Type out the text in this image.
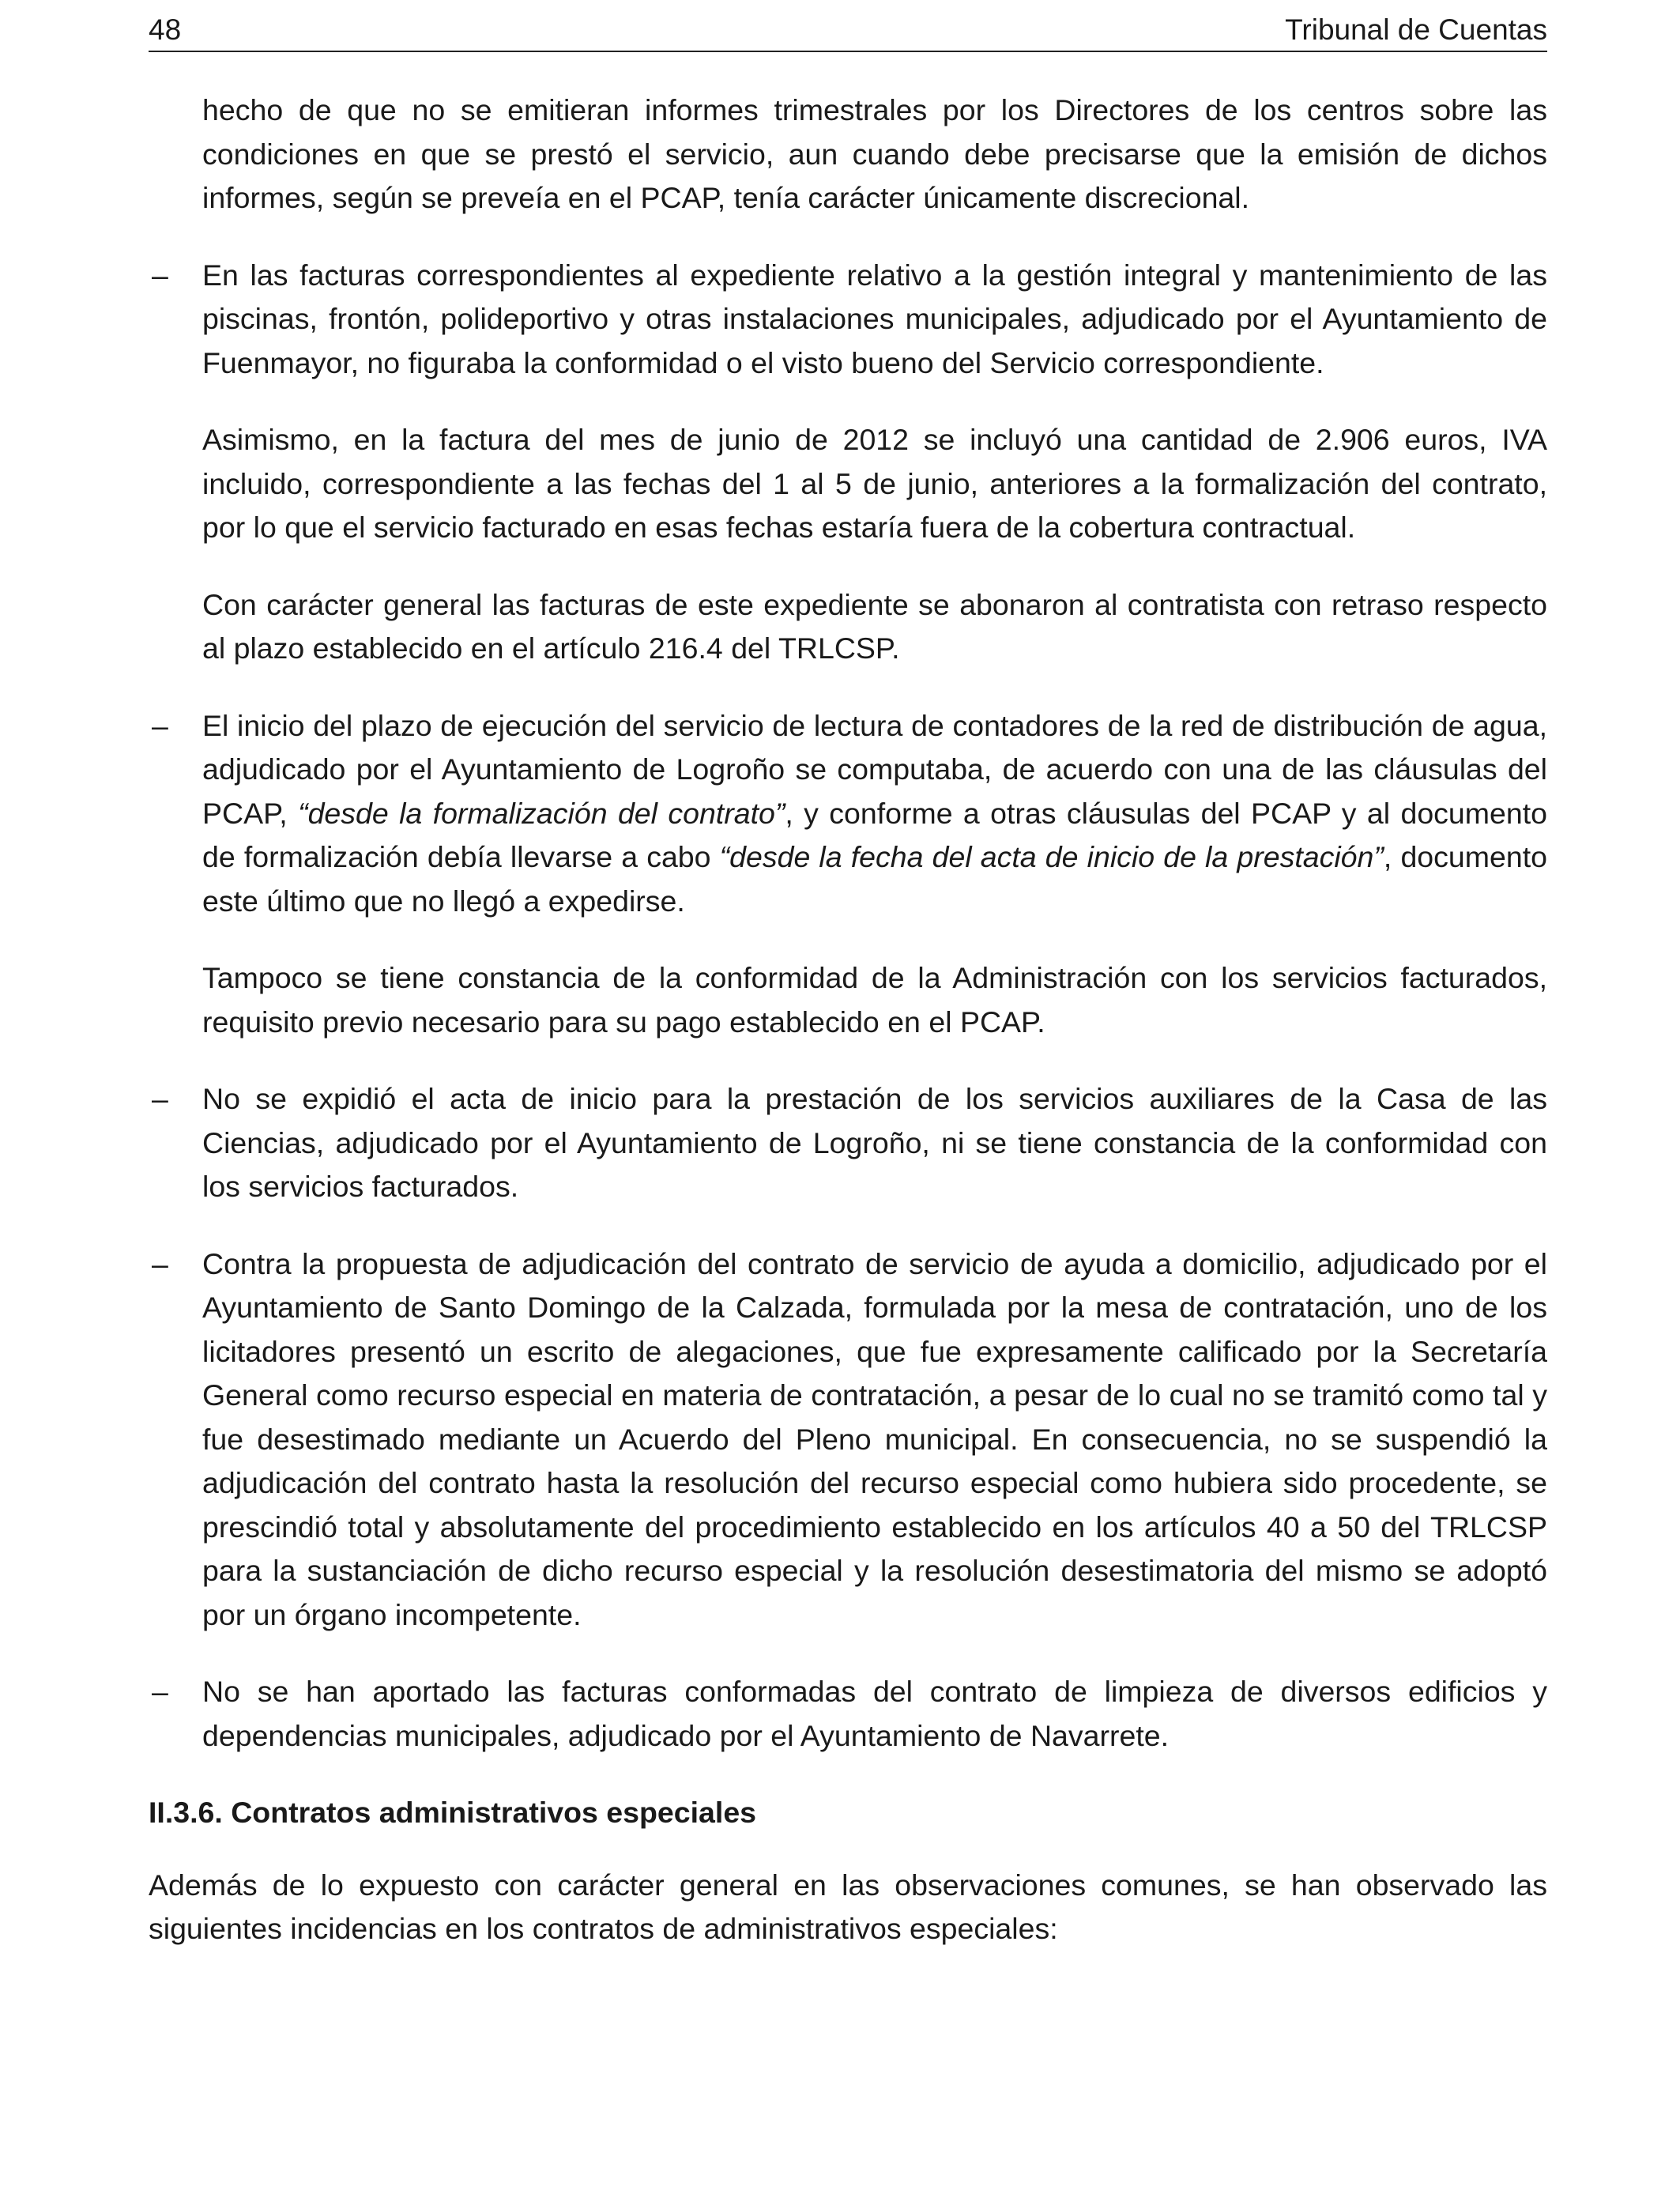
48	Tribunal de Cuentas

hecho de que no se emitieran informes trimestrales por los Directores de los centros sobre las condiciones en que se prestó el servicio, aun cuando debe precisarse que la emisión de dichos informes, según se preveía en el PCAP, tenía carácter únicamente discrecional.

– En las facturas correspondientes al expediente relativo a la gestión integral y mantenimiento de las piscinas, frontón, polideportivo y otras instalaciones municipales, adjudicado por el Ayuntamiento de Fuenmayor, no figuraba la conformidad o el visto bueno del Servicio correspondiente.

Asimismo, en la factura del mes de junio de 2012 se incluyó una cantidad de 2.906 euros, IVA incluido, correspondiente a las fechas del 1 al 5 de junio, anteriores a la formalización del contrato, por lo que el servicio facturado en esas fechas estaría fuera de la cobertura contractual.

Con carácter general las facturas de este expediente se abonaron al contratista con retraso respecto al plazo establecido en el artículo 216.4 del TRLCSP.

– El inicio del plazo de ejecución del servicio de lectura de contadores de la red de distribución de agua, adjudicado por el Ayuntamiento de Logroño se computaba, de acuerdo con una de las cláusulas del PCAP, “desde la formalización del contrato”, y conforme a otras cláusulas del PCAP y al documento de formalización debía llevarse a cabo “desde la fecha del acta de inicio de la prestación”, documento este último que no llegó a expedirse.

Tampoco se tiene constancia de la conformidad de la Administración con los servicios facturados, requisito previo necesario para su pago establecido en el PCAP.

– No se expidió el acta de inicio para la prestación de los servicios auxiliares de la Casa de las Ciencias, adjudicado por el Ayuntamiento de Logroño, ni se tiene constancia de la conformidad con los servicios facturados.
– Contra la propuesta de adjudicación del contrato de servicio de ayuda a domicilio, adjudicado por el Ayuntamiento de Santo Domingo de la Calzada, formulada por la mesa de contratación, uno de los licitadores presentó un escrito de alegaciones, que fue expresamente calificado por la Secretaría General como recurso especial en materia de contratación, a pesar de lo cual no se tramitó como tal y fue desestimado mediante un Acuerdo del Pleno municipal. En consecuencia, no se suspendió la adjudicación del contrato hasta la resolución del recurso especial como hubiera sido procedente, se prescindió total y absolutamente del procedimiento establecido en los artículos 40 a 50 del TRLCSP para la sustanciación de dicho recurso especial y la resolución desestimatoria del mismo se adoptó por un órgano incompetente.
– No se han aportado las facturas conformadas del contrato de limpieza de diversos edificios y dependencias municipales, adjudicado por el Ayuntamiento de Navarrete.

II.3.6. Contratos administrativos especiales

Además de lo expuesto con carácter general en las observaciones comunes, se han observado las siguientes incidencias en los contratos de administrativos especiales:
